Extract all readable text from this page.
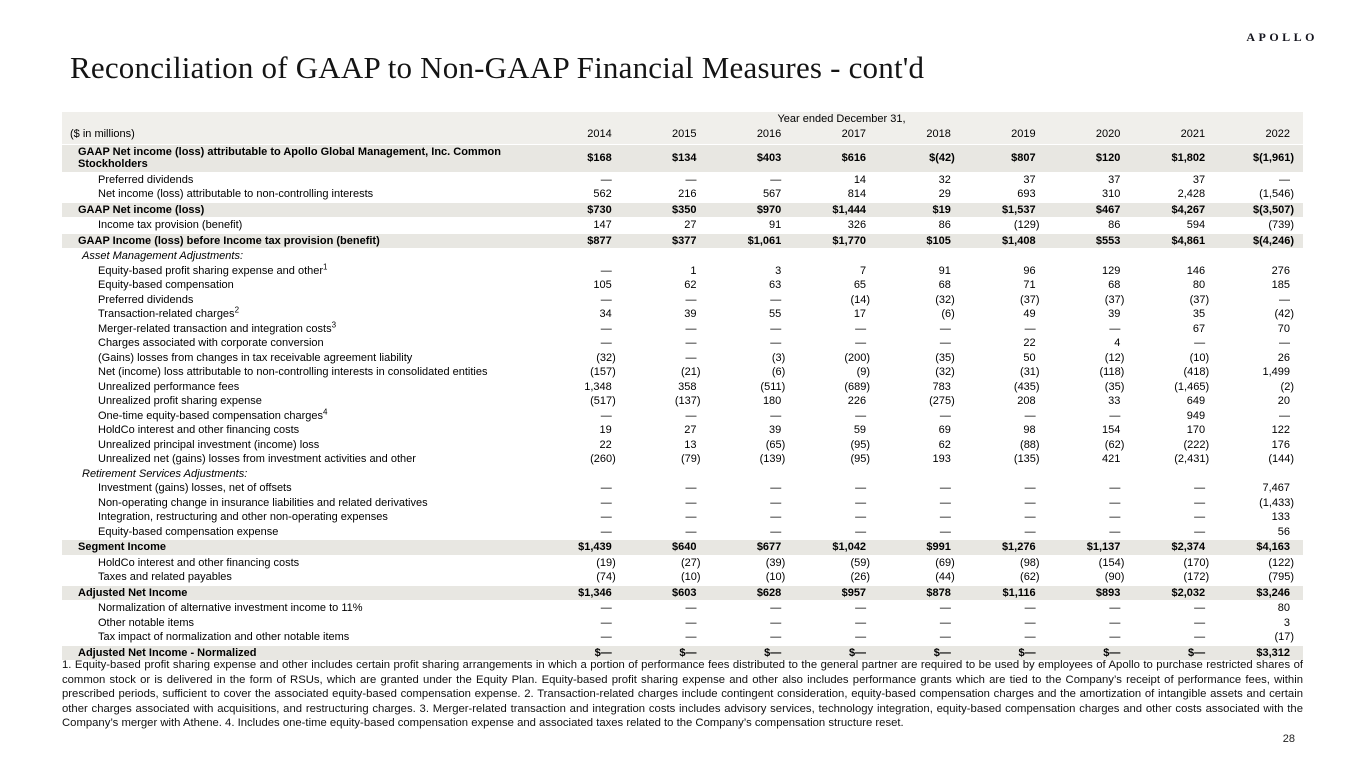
APOLLO
Reconciliation of GAAP to Non-GAAP Financial Measures - cont'd
	Year ended December 31,								
($ in millions)	2014	2015	2016	2017	2018	2019	2020	2021	2022
GAAP Net income (loss) attributable to Apollo Global Management, Inc. Common Stockholders	$168	$134	$403	$616	$(42)	$807	$120	$1,802	$(1,961)
Preferred dividends	—	—	—	14	32	37	37	37	—
Net income (loss) attributable to non-controlling interests	562	216	567	814	29	693	310	2,428	(1,546)
GAAP Net income (loss)	$730	$350	$970	$1,444	$19	$1,537	$467	$4,267	$(3,507)
Income tax provision (benefit)	147	27	91	326	86	(129)	86	594	(739)
GAAP Income (loss) before Income tax provision (benefit)	$877	$377	$1,061	$1,770	$105	$1,408	$553	$4,861	$(4,246)
Asset Management Adjustments:									
Equity-based profit sharing expense and other$^1$	—	1	3	7	91	96	129	146	276
Equity-based compensation	105	62	63	65	68	71	68	80	185
Preferred dividends	—	—	—	(14)	(32)	(37)	(37)	(37)	—
Transaction-related charges$^2$	34	39	55	17	(6)	49	39	35	(42)
Merger-related transaction and integration costs$^3$	—	—	—	—	—	—	—	67	70
Charges associated with corporate conversion	—	—	—	—	—	22	4	—	—
(Gains) losses from changes in tax receivable agreement liability	(32)	—	(3)	(200)	(35)	50	(12)	(10)	26
Net (income) loss attributable to non-controlling interests in consolidated entities	(157)	(21)	(6)	(9)	(32)	(31)	(118)	(418)	1,499
Unrealized performance fees	1,348	358	(511)	(689)	783	(435)	(35)	(1,465)	(2)
Unrealized profit sharing expense	(517)	(137)	180	226	(275)	208	33	649	20
One-time equity-based compensation charges$^4$	—	—	—	—	—	—	—	949	—
HoldCo interest and other financing costs	19	27	39	59	69	98	154	170	122
Unrealized principal investment (income) loss	22	13	(65)	(95)	62	(88)	(62)	(222)	176
Unrealized net (gains) losses from investment activities and other	(260)	(79)	(139)	(95)	193	(135)	421	(2,431)	(144)
Retirement Services Adjustments:									
Investment (gains) losses, net of offsets	—	—	—	—	—	—	—	—	7,467
Non-operating change in insurance liabilities and related derivatives	—	—	—	—	—	—	—	—	(1,433)
Integration, restructuring and other non-operating expenses	—	—	—	—	—	—	—	—	133
Equity-based compensation expense	—	—	—	—	—	—	—	—	56
Segment Income	$1,439	$640	$677	$1,042	$991	$1,276	$1,137	$2,374	$4,163
HoldCo interest and other financing costs	(19)	(27)	(39)	(59)	(69)	(98)	(154)	(170)	(122)
Taxes and related payables	(74)	(10)	(10)	(26)	(44)	(62)	(90)	(172)	(795)
Adjusted Net Income	$1,346	$603	$628	$957	$878	$1,116	$893	$2,032	$3,246
Normalization of alternative investment income to 11%	—	—	—	—	—	—	—	—	80
Other notable items	—	—	—	—	—	—	—	—	3
Tax impact of normalization and other notable items	—	—	—	—	—	—	—	—	(17)
Adjusted Net Income - Normalized	$—	$—	$—	$—	$—	$—	$—	$—	$3,312

1. Equity-based profit sharing expense and other includes certain profit sharing arrangements in which a portion of performance fees distributed to the general partner are required to be used by employees of Apollo to purchase restricted shares of common stock or is delivered in the form of RSUs, which are granted under the Equity Plan. Equity-based profit sharing expense and other also includes performance grants which are tied to the Company’s receipt of performance fees, within prescribed periods, sufficient to cover the associated equity-based compensation expense. 2. Transaction-related charges include contingent consideration, equity-based compensation charges and the amortization of intangible assets and certain other charges associated with acquisitions, and restructuring charges. 3. Merger-related transaction and integration costs includes advisory services, technology integration, equity-based compensation charges and other costs associated with the Company’s merger with Athene. 4. Includes one-time equity-based compensation expense and associated taxes related to the Company’s compensation structure reset.

28
